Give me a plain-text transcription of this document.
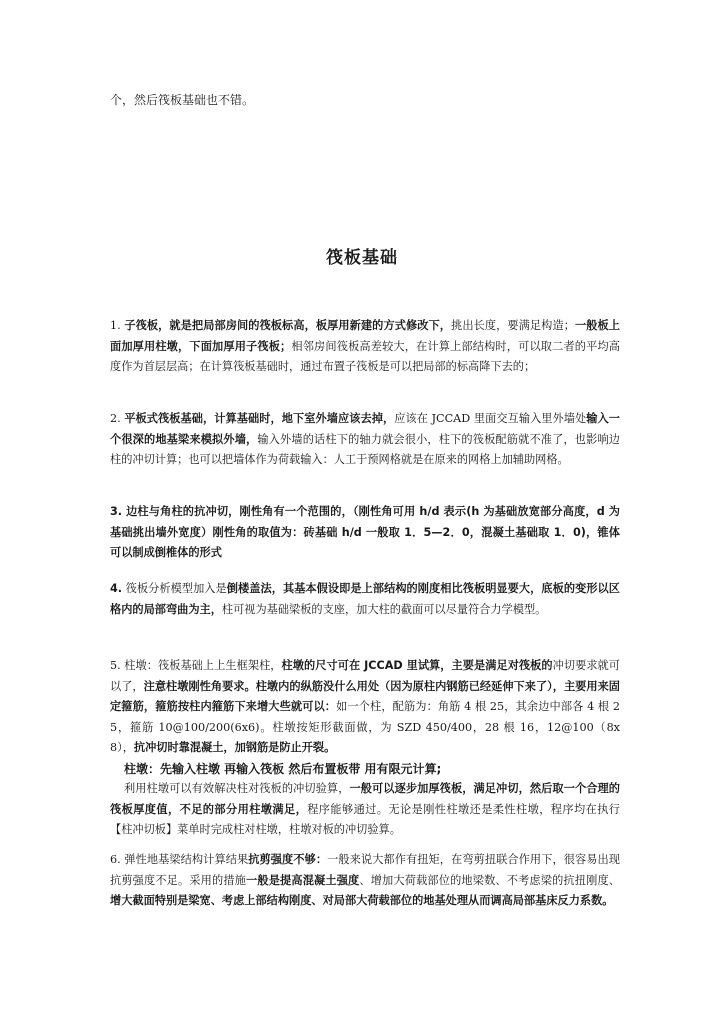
个，然后筏板基础也不错。
筏板基础
1. 子筏板，就是把局部房间的筏板标高，板厚用新建的方式修改下，挑出长度，要满足构造；一般板上面加厚用柱墩，下面加厚用子筏板；相邻房间筏板高差较大，在计算上部结构时，可以取二者的平均高度作为首层层高；在计算筏板基础时，通过布置子筏板是可以把局部的标高降下去的；
2. 平板式筏板基础，计算基础时，地下室外墙应该去掉，应该在 JCCAD 里面交互输入里外墙处输入一个很深的地基梁来模拟外墙，输入外墙的话柱下的轴力就会很小，柱下的筏板配筋就不准了，也影响边柱的冲切计算；也可以把墙体作为荷载输入：人工于预网格就是在原来的网格上加辅助网格。
3. 边柱与角柱的抗冲切，刚性角有一个范围的，（刚性角可用 h/d 表示(h 为基础放宽部分高度，d 为基础挑出墙外宽度）刚性角的取值为：砖基础 h/d 一般取 1．5—2．0，混凝土基础取 1．0)，锥体可以制成倒椎体的形式
4. 筏板分析模型加入是倒楼盖法，其基本假设即是上部结构的刚度相比筏板明显要大，底板的变形以区格内的局部弯曲为主，柱可视为基础梁板的支座，加大柱的截面可以尽量符合力学模型。
5. 柱墩：筏板基础上上生框架柱，柱墩的尺寸可在 JCCAD 里试算，主要是满足对筏板的冲切要求就可以了，注意柱墩刚性角要求。柱墩内的纵筋没什么用处（因为原柱内钢筋已经延伸下来了），主要用来固定箍筋，箍筋按柱内箍筋下来增大些就可以：如一个柱，配筋为：角筋 4 根 25，其余边中部各 4 根 25，箍筋 10@100/200(6x6)。柱墩按矩形截面做，为 SZD 450/400，28 根 16，12@100（8x8），抗冲切时靠混凝土，加钢筋是防止开裂。
柱墩：先输入柱墩 再输入筏板 然后布置板带 用有限元计算;
利用柱墩可以有效解决柱对筏板的冲切验算，一般可以逐步加厚筏板，满足冲切，然后取一个合理的筏板厚度值，不足的部分用柱墩满足，程序能够通过。无论是刚性柱墩还是柔性柱墩，程序均在执行【柱冲切板】菜单时完成柱对柱墩，柱墩对板的冲切验算。
6. 弹性地基梁结构计算结果抗剪强度不够：一般来说大都作有扭矩，在弯剪扭联合作用下，很容易出现抗剪强度不足。采用的措施一般是提高混凝土强度、增加大荷载部位的地梁数、不考虑梁的抗扭刚度、增大截面特别是梁宽、考虑上部结构刚度、对局部大荷载部位的地基处理从而调高局部基床反力系数。
